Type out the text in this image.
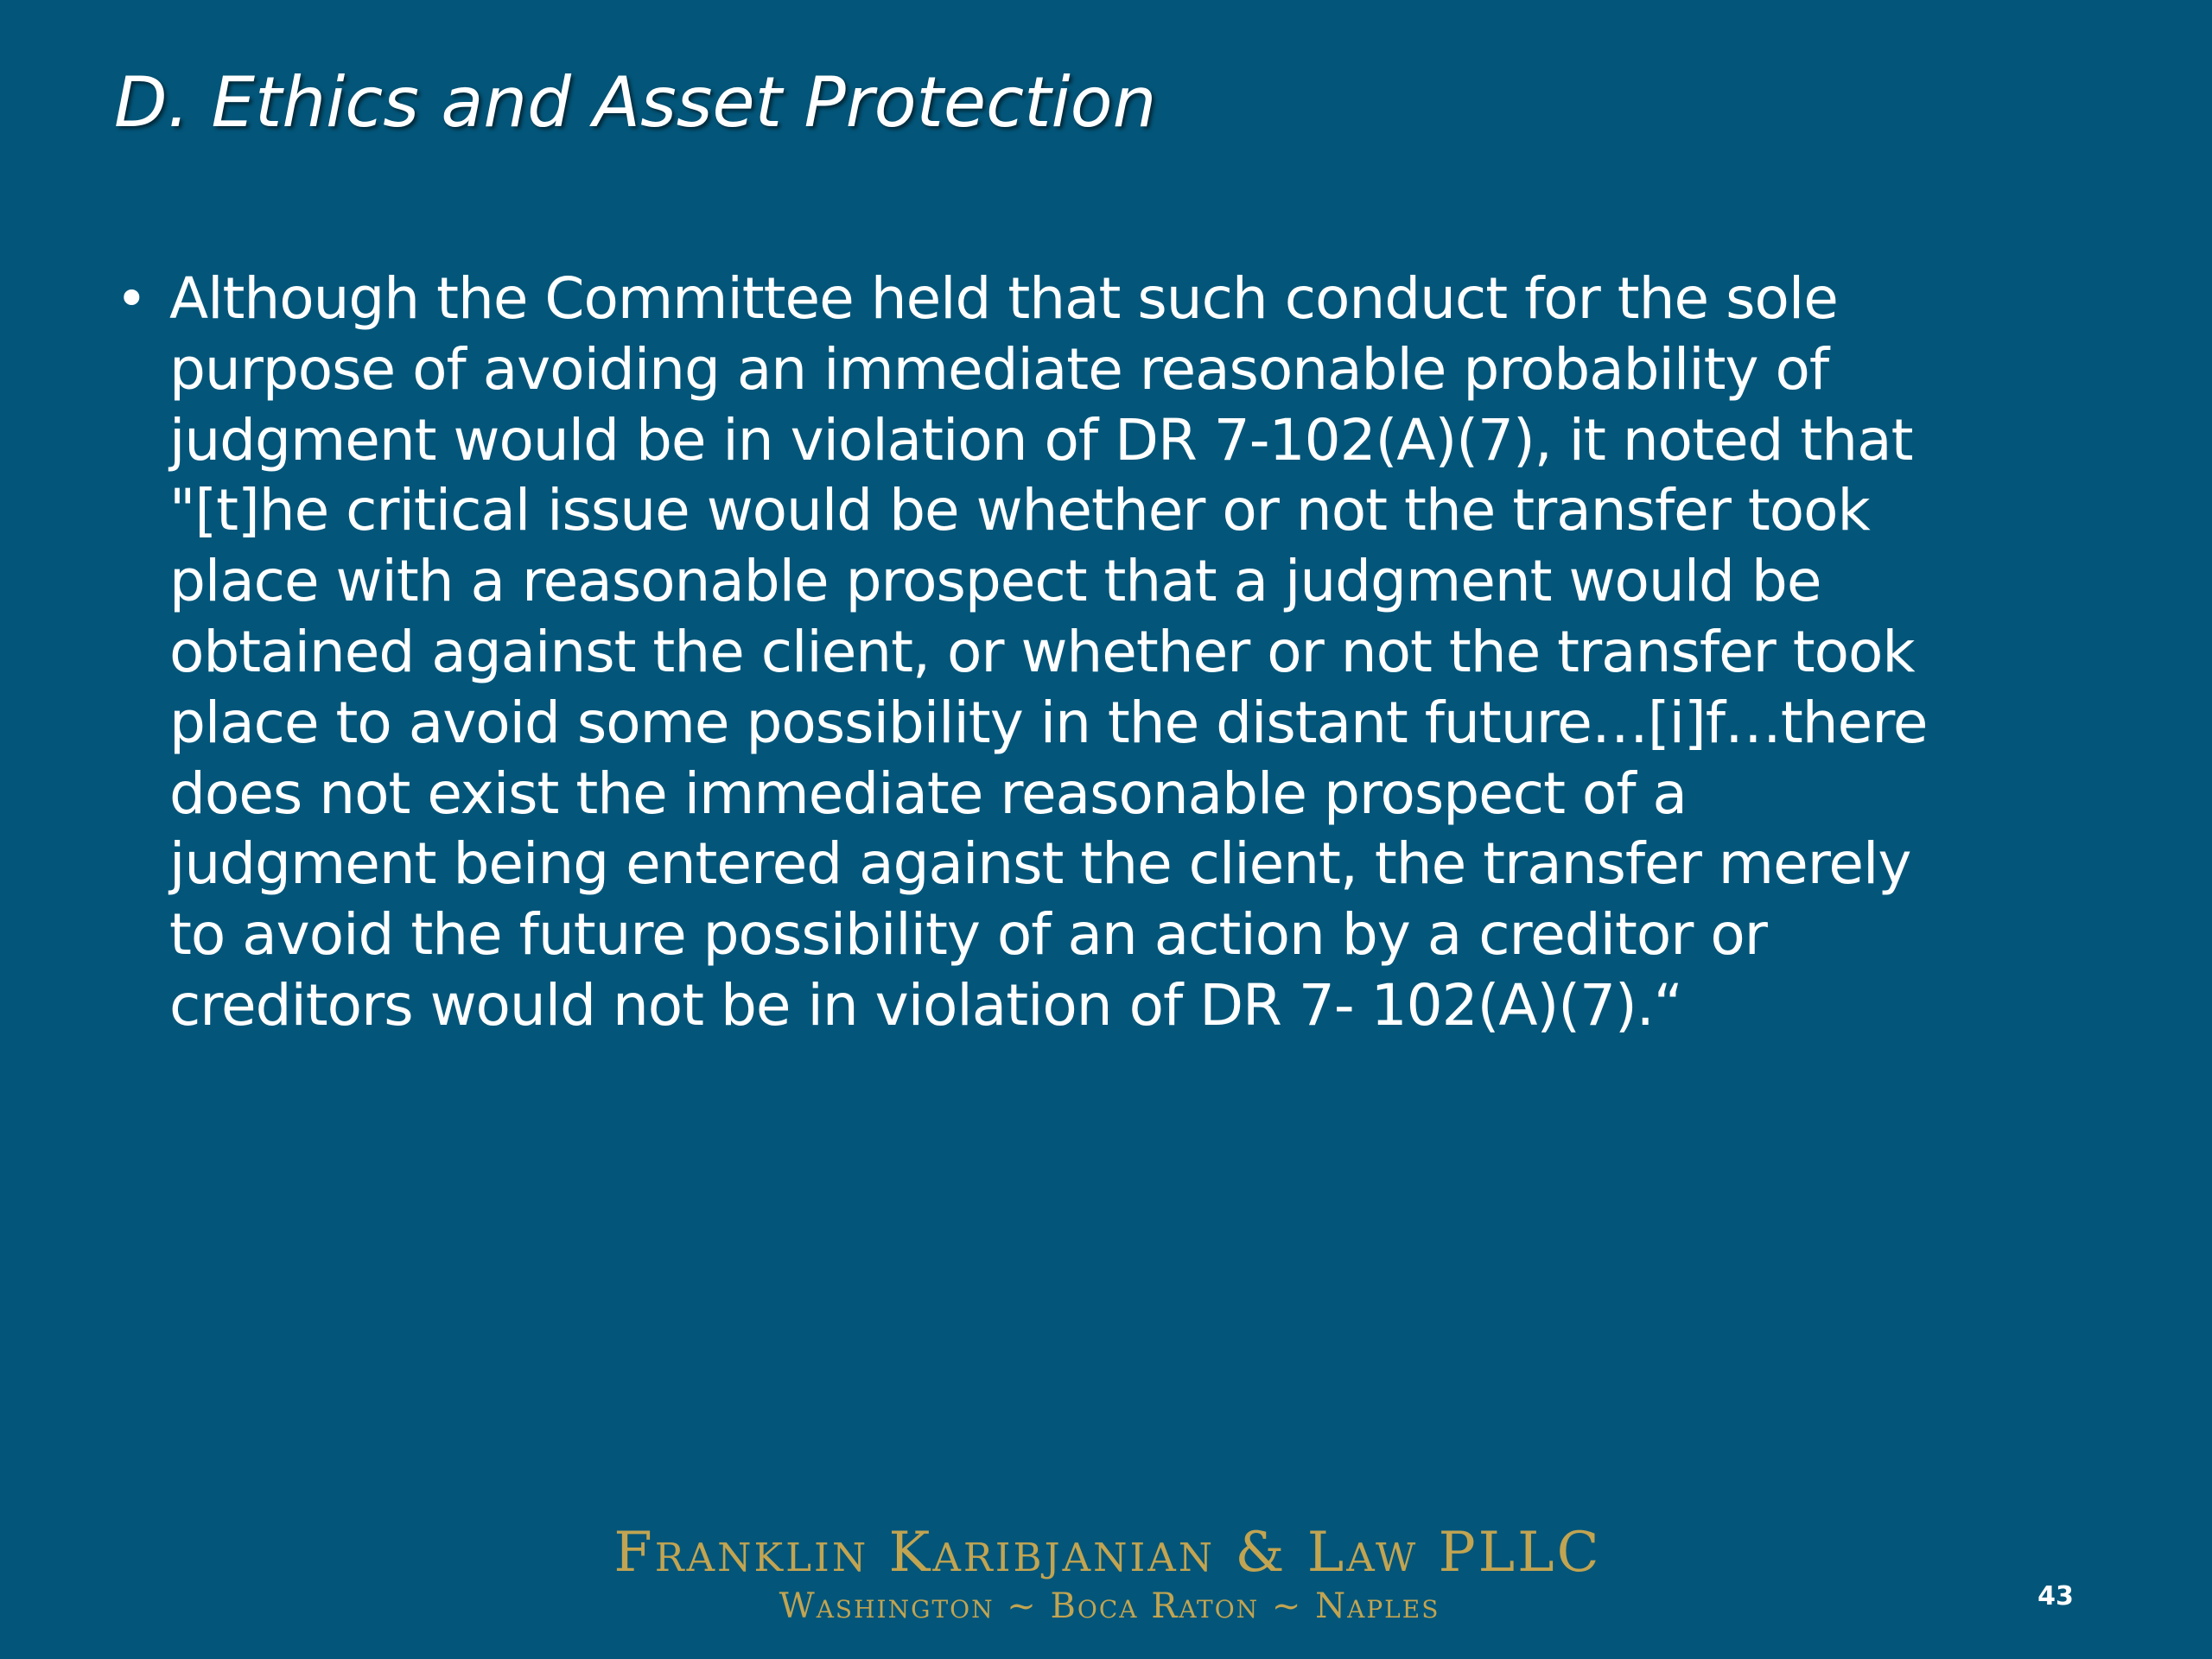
D. Ethics and Asset Protection
• Although the Committee held that such conduct for the sole
purpose of avoiding an immediate reasonable probability of
judgment would be in violation of DR 7-102(A)(7), it noted that
"[t]he critical issue would be whether or not the transfer took
place with a reasonable prospect that a judgment would be
obtained against the client, or whether or not the transfer took
place to avoid some possibility in the distant future…[i]f…there
does not exist the immediate reasonable prospect of a
judgment being entered against the client, the transfer merely
to avoid the future possibility of an action by a creditor or
creditors would not be in violation of DR 7- 102(A)(7).“

Franklin Karibjanian & Law PLLC
Washington ~ Boca Raton ~ Naples	43
